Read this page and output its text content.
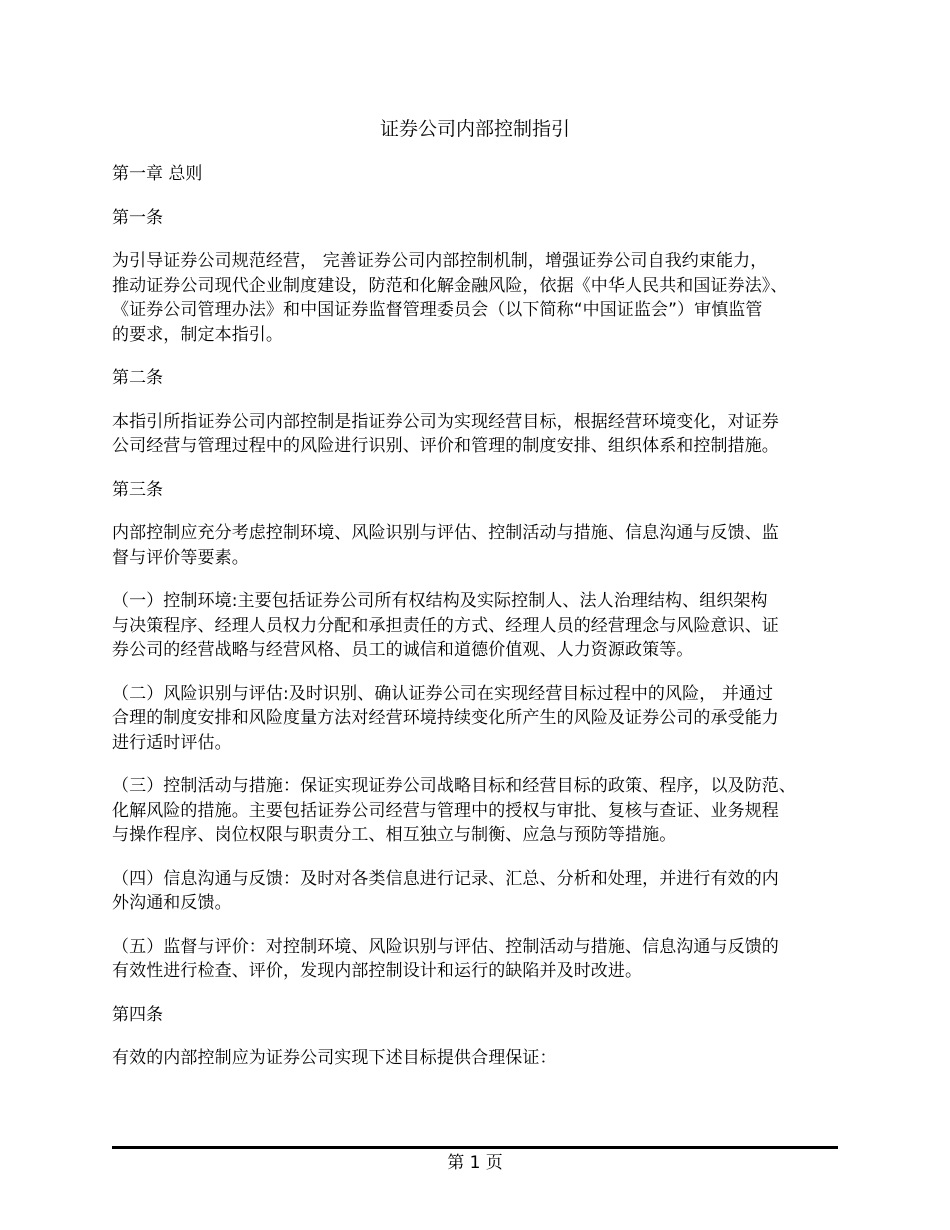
证券公司内部控制指引
第一章 总则
第一条
为引导证券公司规范经营， 完善证券公司内部控制机制，增强证券公司自我约束能力，
推动证券公司现代企业制度建设，防范和化解金融风险，依据《中华人民共和国证券法》、
《证券公司管理办法》和中国证券监督管理委员会（以下简称“中国证监会”）审慎监管
的要求，制定本指引。
第二条
本指引所指证券公司内部控制是指证券公司为实现经营目标，根据经营环境变化，对证券
公司经营与管理过程中的风险进行识别、评价和管理的制度安排、组织体系和控制措施。
第三条
内部控制应充分考虑控制环境、风险识别与评估、控制活动与措施、信息沟通与反馈、监
督与评价等要素。
（一）控制环境:主要包括证券公司所有权结构及实际控制人、法人治理结构、组织架构
与决策程序、经理人员权力分配和承担责任的方式、经理人员的经营理念与风险意识、证
券公司的经营战略与经营风格、员工的诚信和道德价值观、人力资源政策等。
（二）风险识别与评估:及时识别、确认证券公司在实现经营目标过程中的风险， 并通过
合理的制度安排和风险度量方法对经营环境持续变化所产生的风险及证券公司的承受能力
进行适时评估。
（三）控制活动与措施：保证实现证券公司战略目标和经营目标的政策、程序，以及防范、
化解风险的措施。主要包括证券公司经营与管理中的授权与审批、复核与查证、业务规程
与操作程序、岗位权限与职责分工、相互独立与制衡、应急与预防等措施。
（四）信息沟通与反馈：及时对各类信息进行记录、汇总、分析和处理，并进行有效的内
外沟通和反馈。
（五）监督与评价：对控制环境、风险识别与评估、控制活动与措施、信息沟通与反馈的
有效性进行检查、评价，发现内部控制设计和运行的缺陷并及时改进。
第四条
有效的内部控制应为证券公司实现下述目标提供合理保证：
第 1 页
